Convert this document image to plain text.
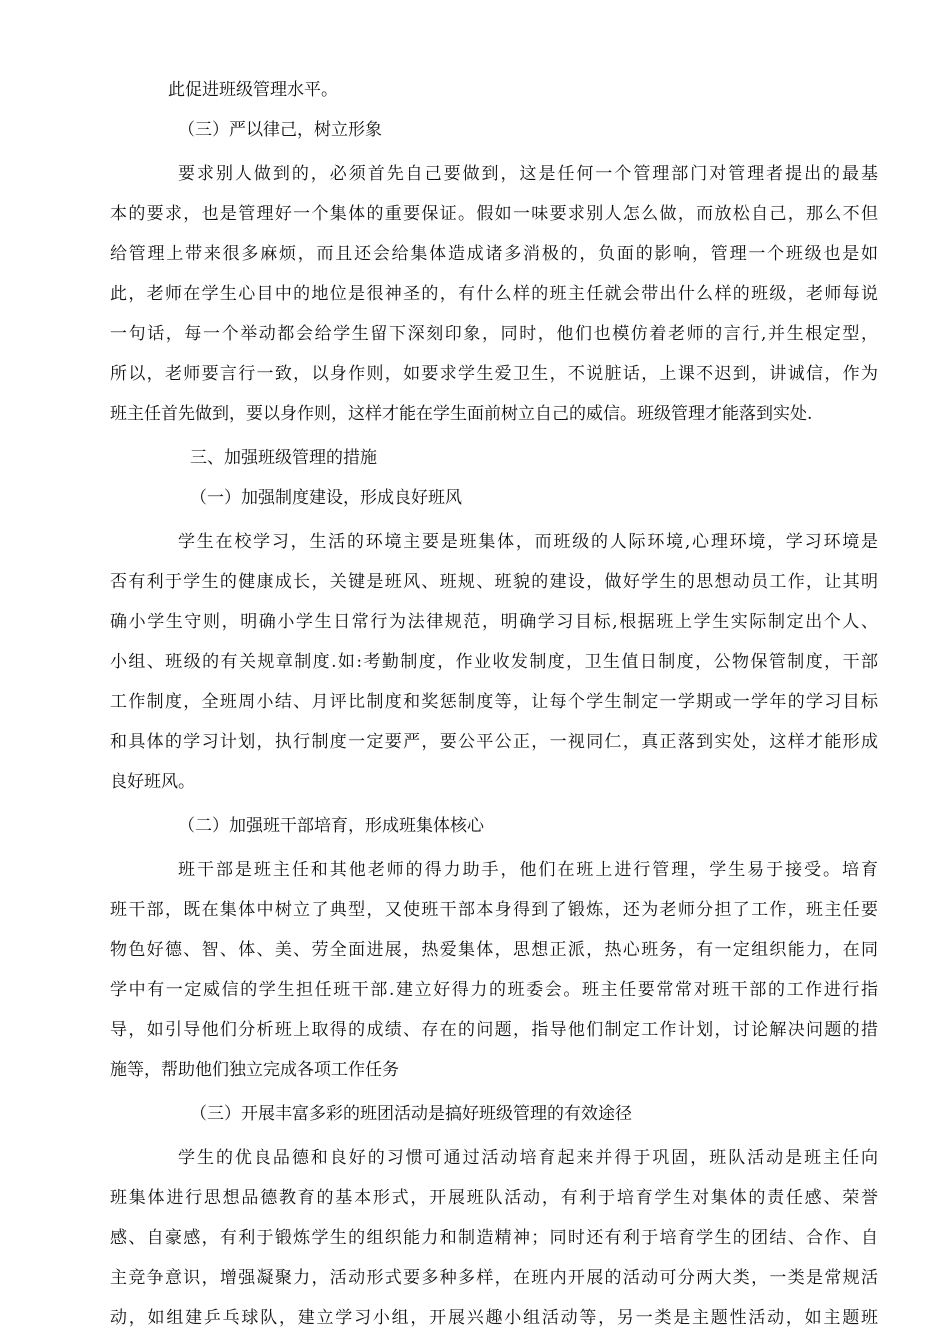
此促进班级管理水平。

（三）严以律己，树立形象

要求别人做到的，必须首先自己要做到，这是任何一个管理部门对管理者提出的最基

本的要求，也是管理好一个集体的重要保证。假如一味要求别人怎么做，而放松自己，那么不但

给管理上带来很多麻烦，而且还会给集体造成诸多消极的，负面的影响，管理一个班级也是如

此，老师在学生心目中的地位是很神圣的，有什么样的班主任就会带出什么样的班级，老师每说

一句话，每一个举动都会给学生留下深刻印象，同时，他们也模仿着老师的言行,并生根定型，

所以，老师要言行一致，以身作则，如要求学生爱卫生，不说脏话，上课不迟到，讲诚信，作为

班主任首先做到，要以身作则，这样才能在学生面前树立自己的威信。班级管理才能落到实处.

三、加强班级管理的措施

（一）加强制度建设，形成良好班风

学生在校学习，生活的环境主要是班集体，而班级的人际环境,心理环境，学习环境是

否有利于学生的健康成长，关键是班风、班规、班貌的建设，做好学生的思想动员工作，让其明

确小学生守则，明确小学生日常行为法律规范，明确学习目标,根据班上学生实际制定出个人、

小组、班级的有关规章制度.如:考勤制度，作业收发制度，卫生值日制度，公物保管制度，干部

工作制度，全班周小结、月评比制度和奖惩制度等，让每个学生制定一学期或一学年的学习目标

和具体的学习计划，执行制度一定要严，要公平公正，一视同仁，真正落到实处，这样才能形成

良好班风。

（二）加强班干部培育，形成班集体核心

班干部是班主任和其他老师的得力助手，他们在班上进行管理，学生易于接受。培育

班干部，既在集体中树立了典型，又使班干部本身得到了锻炼，还为老师分担了工作，班主任要

物色好德、智、体、美、劳全面进展，热爱集体，思想正派，热心班务，有一定组织能力，在同

学中有一定威信的学生担任班干部.建立好得力的班委会。班主任要常常对班干部的工作进行指

导，如引导他们分析班上取得的成绩、存在的问题，指导他们制定工作计划，讨论解决问题的措

施等，帮助他们独立完成各项工作任务

（三）开展丰富多彩的班团活动是搞好班级管理的有效途径

学生的优良品德和良好的习惯可通过活动培育起来并得于巩固，班队活动是班主任向

班集体进行思想品德教育的基本形式，开展班队活动，有利于培育学生对集体的责任感、荣誉

感、自豪感，有利于锻炼学生的组织能力和制造精神；同时还有利于培育学生的团结、合作、自

主竞争意识，增强凝聚力，活动形式要多种多样，在班内开展的活动可分两大类，一类是常规活

动，如组建乒乓球队，建立学习小组，开展兴趣小组活动等，另一类是主题性活动，如主题班
